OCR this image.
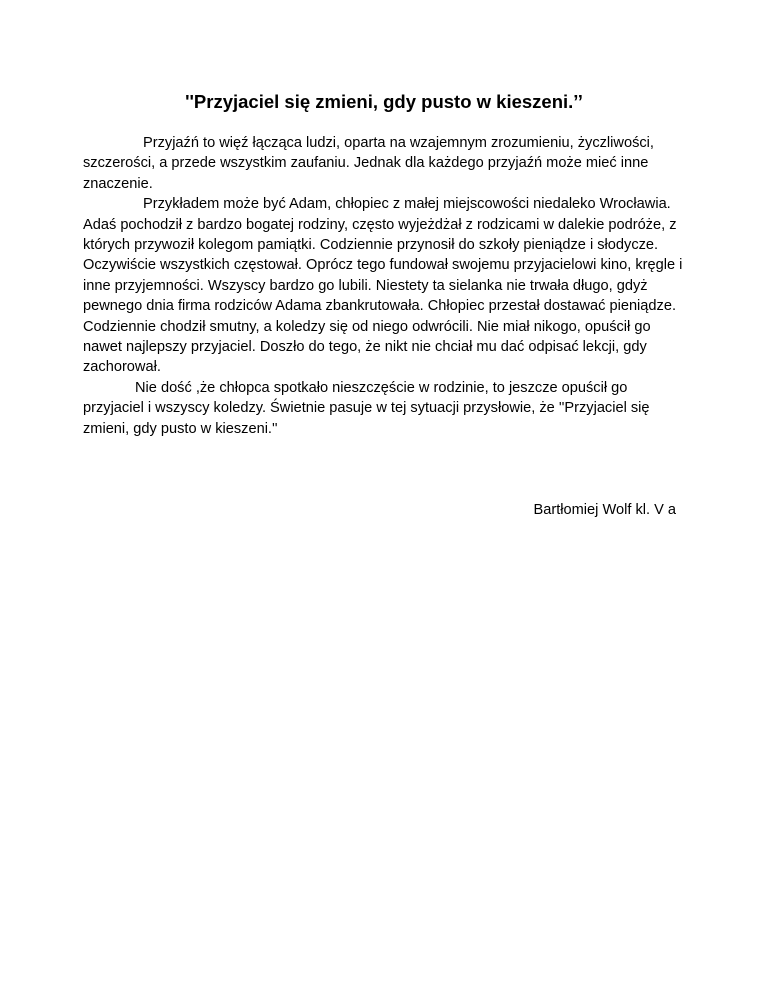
''Przyjaciel się zmieni, gdy pusto w kieszeni.’’

Przyjaźń to więź łącząca ludzi, oparta na wzajemnym zrozumieniu, życzliwości, szczerości, a przede wszystkim zaufaniu. Jednak dla każdego przyjaźń może mieć inne znaczenie.

Przykładem może być Adam, chłopiec z małej miejscowości niedaleko Wrocławia. Adaś pochodził z bardzo bogatej rodziny, często wyjeżdżał z rodzicami w dalekie podróże, z których przywoził kolegom pamiątki. Codziennie przynosił do szkoły pieniądze i słodycze. Oczywiście wszystkich częstował. Oprócz tego fundował swojemu przyjacielowi kino, kręgle i inne przyjemności. Wszyscy bardzo go lubili. Niestety ta sielanka nie trwała długo, gdyż pewnego dnia firma rodziców Adama zbankrutowała. Chłopiec przestał dostawać pieniądze. Codziennie chodził smutny, a koledzy się od niego odwrócili. Nie miał nikogo, opuścił go nawet najlepszy przyjaciel. Doszło do tego, że nikt nie chciał mu dać odpisać lekcji, gdy zachorował.

Nie dość ,że chłopca spotkało nieszczęście w rodzinie, to jeszcze opuścił go przyjaciel i wszyscy koledzy. Świetnie pasuje w tej sytuacji przysłowie, że ''Przyjaciel się zmieni, gdy pusto w kieszeni.''

Bartłomiej Wolf kl. V a
